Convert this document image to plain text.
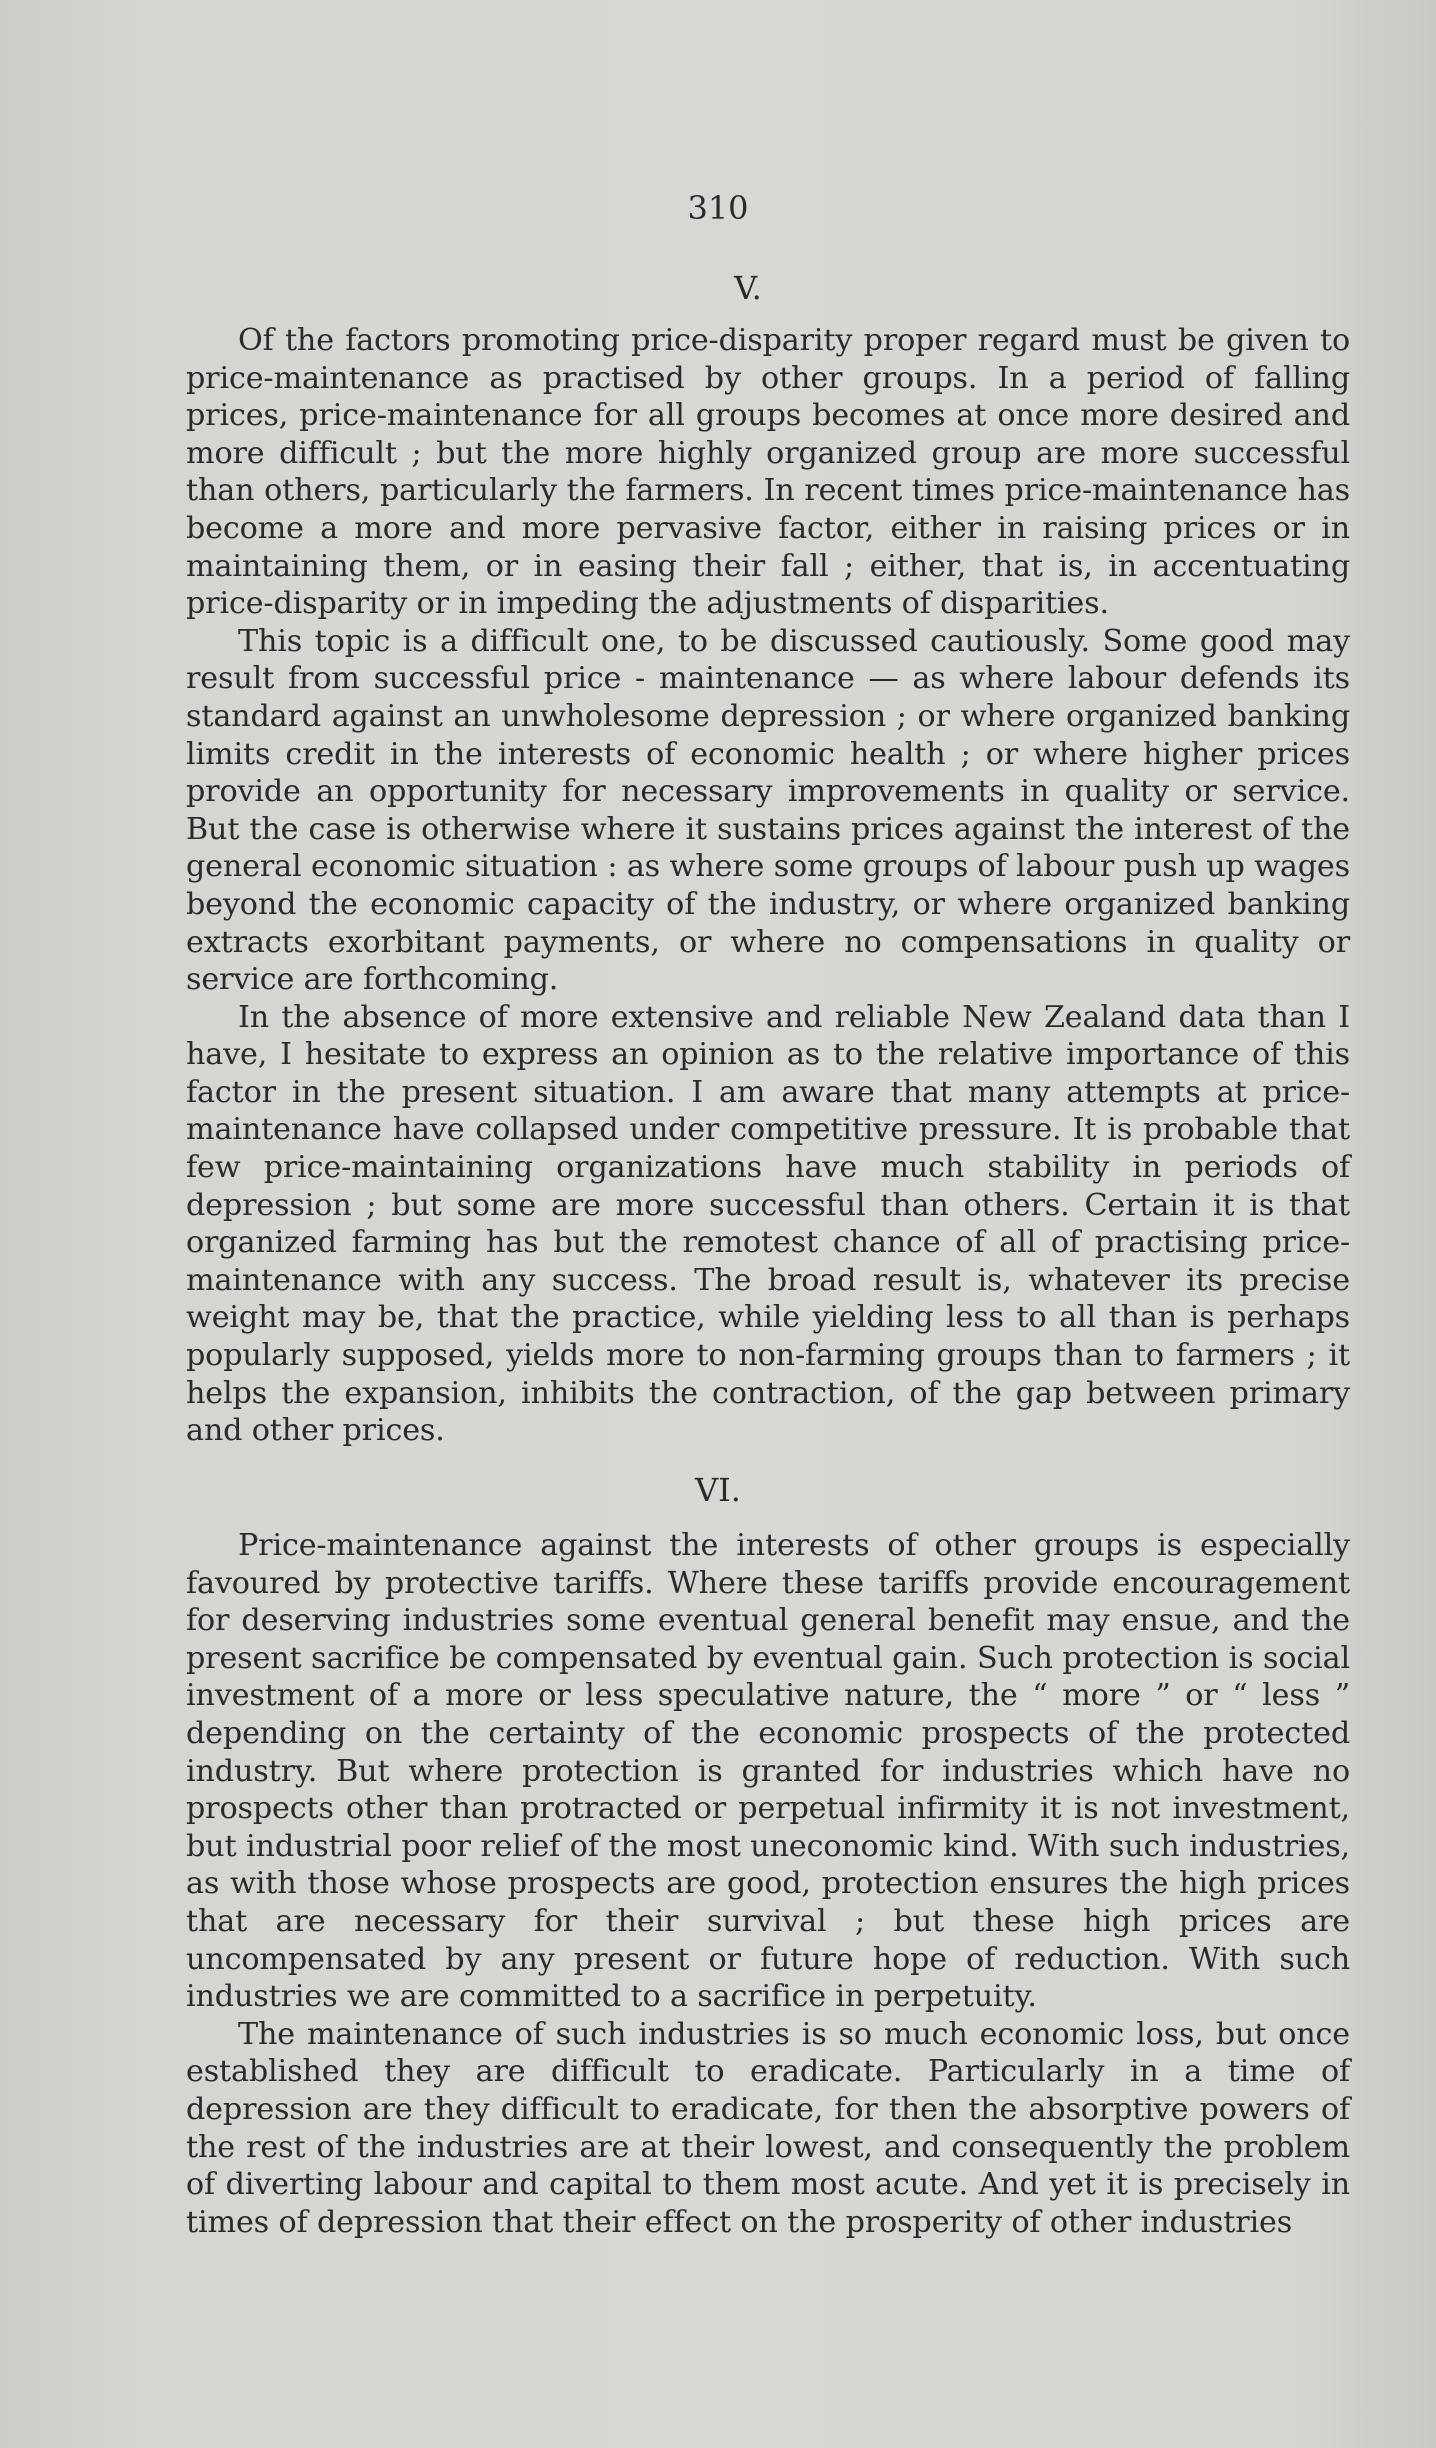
310
V.

Of the factors promoting price-disparity proper regard must be given to price-maintenance as practised by other groups. In a period of falling prices, price-maintenance for all groups becomes at once more desired and more difficult ; but the more highly organized group are more successful than others, particularly the farmers. In recent times price-maintenance has become a more and more pervasive factor, either in raising prices or in maintaining them, or in easing their fall ; either, that is, in accentuating price-disparity or in impeding the adjustments of disparities.

This topic is a difficult one, to be discussed cautiously. Some good may result from successful price - maintenance — as where labour defends its standard against an unwholesome depression ; or where organized banking limits credit in the interests of economic health ; or where higher prices provide an opportunity for necessary improvements in quality or service. But the case is otherwise where it sustains prices against the interest of the general economic situation : as where some groups of labour push up wages beyond the economic capacity of the industry, or where organized banking extracts exorbitant payments, or where no compensations in quality or service are forthcoming.

In the absence of more extensive and reliable New Zealand data than I have, I hesitate to express an opinion as to the relative importance of this factor in the present situation. I am aware that many attempts at price-maintenance have collapsed under competitive pressure. It is probable that few price-maintaining organizations have much stability in periods of depression ; but some are more successful than others. Certain it is that organized farming has but the remotest chance of all of practising price-maintenance with any success. The broad result is, whatever its precise weight may be, that the practice, while yielding less to all than is perhaps popularly supposed, yields more to non-farming groups than to farmers ; it helps the expansion, inhibits the contraction, of the gap between primary and other prices.

VI.

Price-maintenance against the interests of other groups is especially favoured by protective tariffs. Where these tariffs provide encouragement for deserving industries some eventual general benefit may ensue, and the present sacrifice be compensated by eventual gain. Such protection is social investment of a more or less speculative nature, the “ more ” or “ less ” depending on the certainty of the economic prospects of the protected industry. But where protection is granted for industries which have no prospects other than protracted or perpetual infirmity it is not investment, but industrial poor relief of the most uneconomic kind. With such industries, as with those whose prospects are good, protection ensures the high prices that are necessary for their survival ; but these high prices are uncompensated by any present or future hope of reduction. With such industries we are committed to a sacrifice in perpetuity.

The maintenance of such industries is so much economic loss, but once established they are difficult to eradicate. Particularly in a time of depression are they difficult to eradicate, for then the absorptive powers of the rest of the industries are at their lowest, and consequently the problem of diverting labour and capital to them most acute. And yet it is precisely in times of depression that their effect on the prosperity of other industries
